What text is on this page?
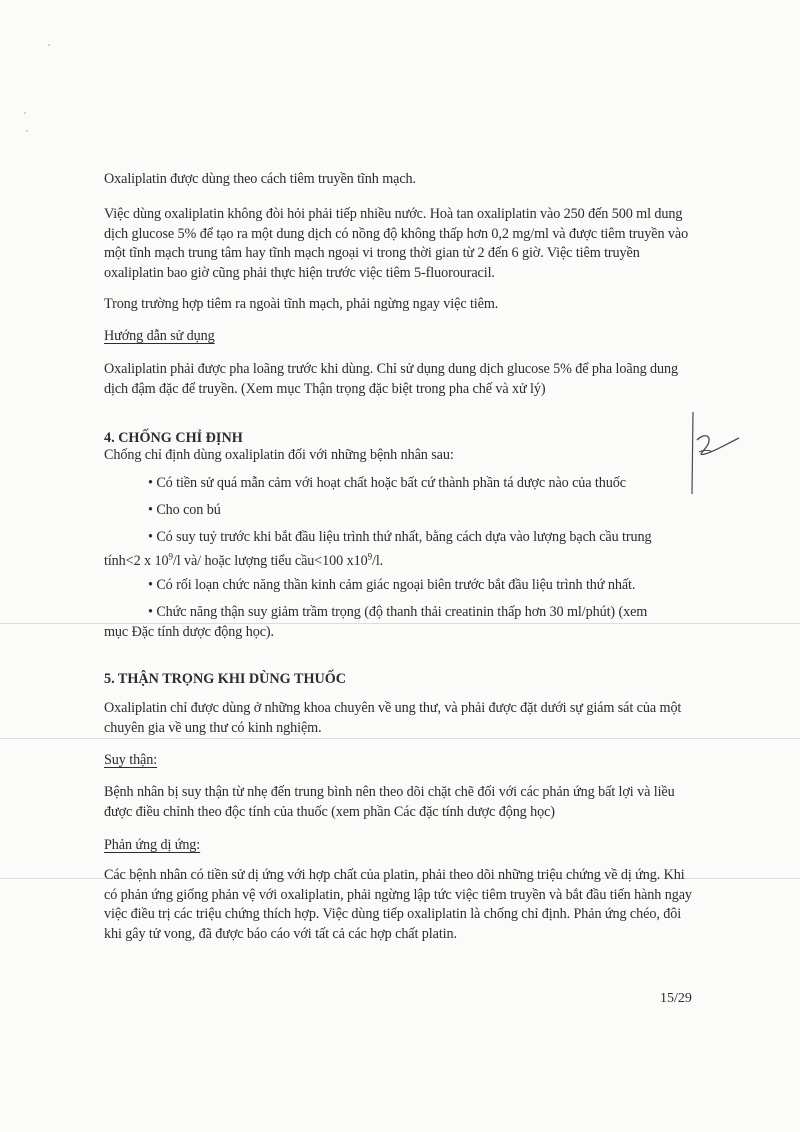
Oxaliplatin được dùng theo cách tiêm truyền tĩnh mạch.
Việc dùng oxaliplatin không đòi hỏi phải tiếp nhiều nước. Hoà tan oxaliplatin vào 250 đến 500 ml dung dịch glucose 5% để tạo ra một dung dịch có nồng độ không thấp hơn 0,2 mg/ml và được tiêm truyền vào một tĩnh mạch trung tâm hay tĩnh mạch ngoại vi trong thời gian từ 2 đến 6 giờ. Việc tiêm truyền oxaliplatin bao giờ cũng phải thực hiện trước việc tiêm 5-fluorouracil.
Trong trường hợp tiêm ra ngoài tĩnh mạch, phải ngừng ngay việc tiêm.
Hướng dẫn sử dụng
Oxaliplatin phải được pha loãng trước khi dùng. Chỉ sử dụng dung dịch glucose 5% để pha loãng dung dịch đậm đặc để truyền. (Xem mục Thận trọng đặc biệt trong pha chế và xử lý)
4. CHỐNG CHỈ ĐỊNH
Chống chỉ định dùng oxaliplatin đối với những bệnh nhân sau:
• Có tiền sử quá mẫn cảm với hoạt chất hoặc bất cứ thành phần tá dược nào của thuốc
• Cho con bú
• Có suy tuỷ trước khi bắt đầu liệu trình thứ nhất, bằng cách dựa vào lượng bạch cầu trung
tính<2 x $10^9/l$ và/ hoặc lượng tiểu cầu<100 $x10^9/l$.
• Có rối loạn chức năng thần kinh cảm giác ngoại biên trước bắt đầu liệu trình thứ nhất.
• Chức năng thận suy giảm trầm trọng (độ thanh thải creatinin thấp hơn 30 ml/phút) (xem
mục Đặc tính dược động học).
5. THẬN TRỌNG KHI DÙNG THUỐC
Oxaliplatin chỉ được dùng ở những khoa chuyên về ung thư, và phải được đặt dưới sự giám sát của một chuyên gia về ung thư có kinh nghiệm.
Suy thận:
Bệnh nhân bị suy thận từ nhẹ đến trung bình nên theo dõi chặt chẽ đối với các phản ứng bất lợi và liều được điều chỉnh theo độc tính của thuốc (xem phần Các đặc tính dược động học)
Phản ứng dị ứng:
Các bệnh nhân có tiền sử dị ứng với hợp chất của platin, phải theo dõi những triệu chứng về dị ứng. Khi có phản ứng giống phản vệ với oxaliplatin, phải ngừng lập tức việc tiêm truyền và bắt đầu tiến hành ngay việc điều trị các triệu chứng thích hợp. Việc dùng tiếp oxaliplatin là chống chỉ định. Phản ứng chéo, đôi khi gây tử vong, đã được báo cáo với tất cả các hợp chất platin.
15/29
